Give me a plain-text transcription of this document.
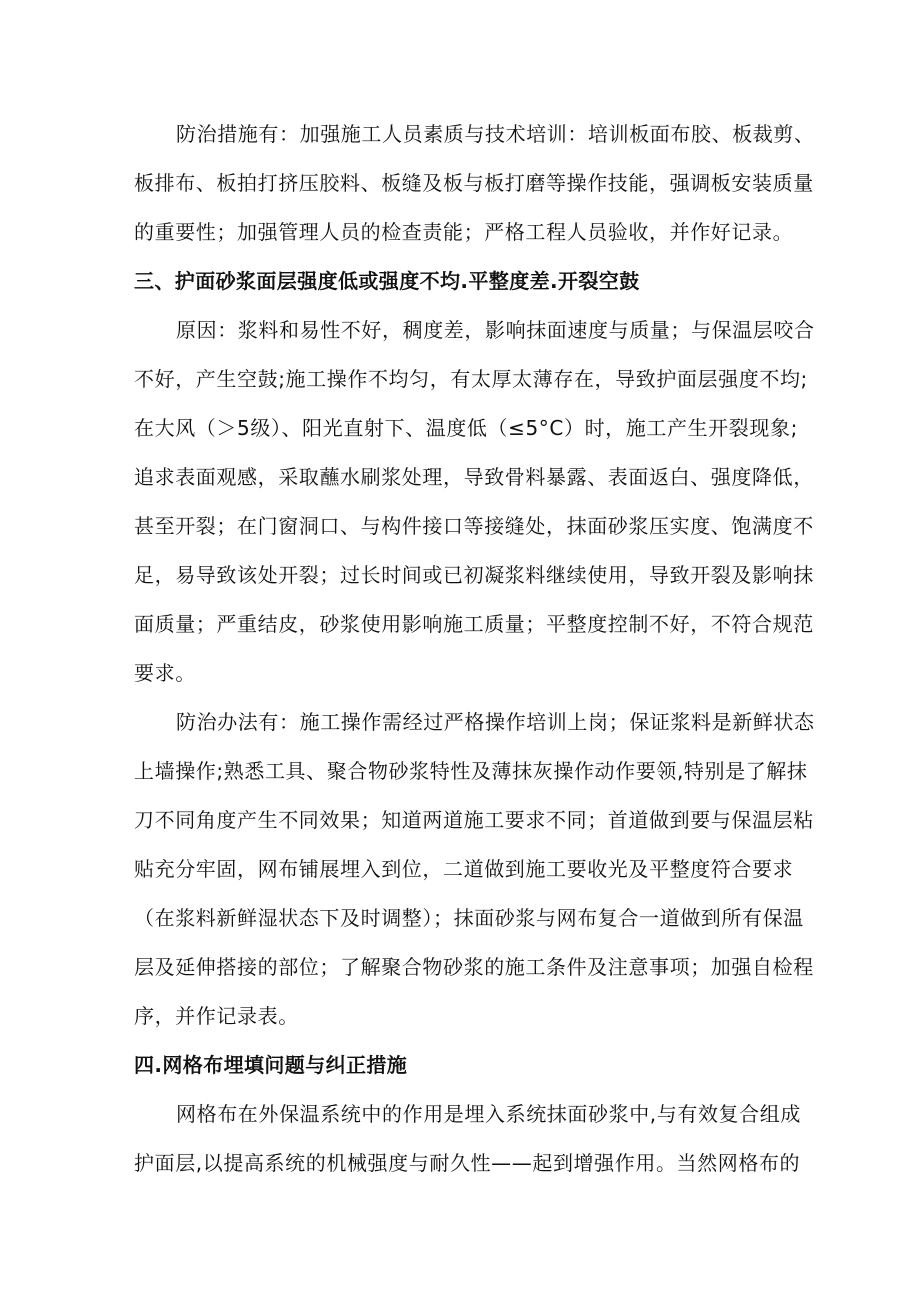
防治措施有：加强施工人员素质与技术培训：培训板面布胶、板裁剪、
板排布、板拍打挤压胶料、板缝及板与板打磨等操作技能，强调板安装质量
的重要性；加强管理人员的检查责能；严格工程人员验收，并作好记录。
三、护面砂浆面层强度低或强度不均.平整度差.开裂空鼓
原因：浆料和易性不好，稠度差，影响抹面速度与质量；与保温层咬合
不好，产生空鼓;施工操作不均匀，有太厚太薄存在，导致护面层强度不均;
在大风（＞5级）、阳光直射下、温度低（≤5°C）时，施工产生开裂现象;
追求表面观感，采取蘸水刷浆处理，导致骨料暴露、表面返白、强度降低，
甚至开裂；在门窗洞口、与构件接口等接缝处，抹面砂浆压实度、饱满度不
足，易导致该处开裂；过长时间或已初凝浆料继续使用，导致开裂及影响抹
面质量；严重结皮，砂浆使用影响施工质量；平整度控制不好，不符合规范
要求。
防治办法有：施工操作需经过严格操作培训上岗；保证浆料是新鲜状态
上墙操作;熟悉工具、聚合物砂浆特性及薄抹灰操作动作要领,特别是了解抹
刀不同角度产生不同效果；知道两道施工要求不同；首道做到要与保温层粘
贴充分牢固，网布铺展埋入到位，二道做到施工要收光及平整度符合要求
（在浆料新鲜湿状态下及时调整）；抹面砂浆与网布复合一道做到所有保温
层及延伸搭接的部位；了解聚合物砂浆的施工条件及注意事项；加强自检程
序，并作记录表。
四.网格布埋填问题与纠正措施
网格布在外保温系统中的作用是埋入系统抹面砂浆中,与有效复合组成
护面层,以提高系统的机械强度与耐久性——起到增强作用。当然网格布的
